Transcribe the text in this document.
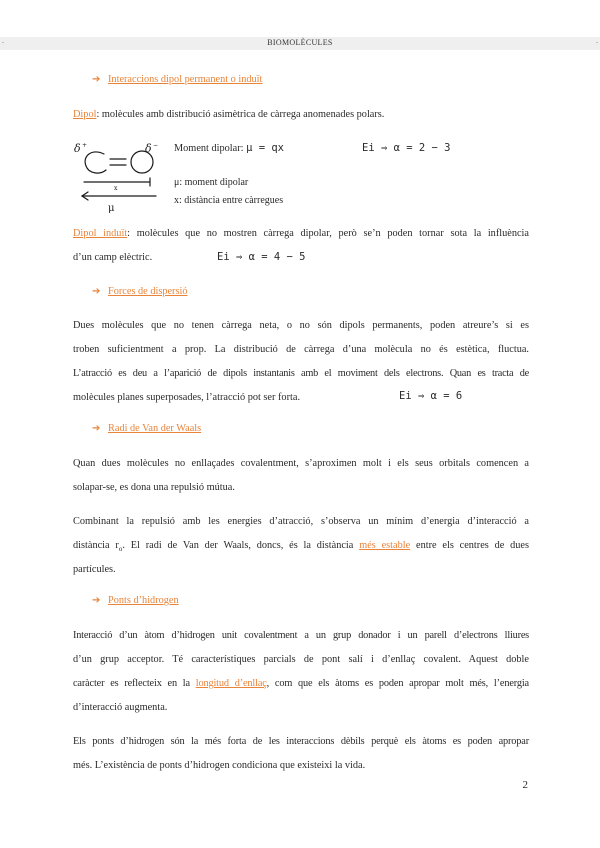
.	.
BIOMOLÈCULES
➔ Interaccions dipol permanent o induït
Dipol: molècules amb distribució asimètrica de càrrega anomenades polars.
δ +	δ −
x
μ
Moment dipolar: μ = qx	Ei ⇒ α = 2 − 3
μ: moment dipolar
x: distància entre càrregues
Dipol induït: molècules que no mostren càrrega dipolar, però se’n poden tornar sota la influència
d’un camp elèctric.	Ei ⇒ α = 4 − 5
➔ Forces de dispersió
Dues molècules que no tenen càrrega neta, o no són dipols permanents, poden atreure’s si es
troben suficientment a prop. La distribució de càrrega d’una molècula no és estètica, fluctua.
L’atracció es deu a l’aparició de dipols instantanis amb el moviment dels electrons. Quan es tracta de
molècules planes superposades, l’atracció pot ser forta.	Ei ⇒ α = 6
➔ Radi de Van der Waals
Quan dues molècules no enllaçades covalentment, s’aproximen molt i els seus orbitals comencen a
solapar-se, es dona una repulsió mútua.
Combinant la repulsió amb les energies d’atracció, s’observa un mínim d’energia d’interacció a
distància $r_o$. El radi de Van der Waals, doncs, és la distància més estable entre els centres de dues
partícules.
➔ Ponts d’hidrogen
Interacció d’un àtom d’hidrogen unit covalentment a un grup donador i un parell d’electrons lliures
d’un grup acceptor. Té característiques parcials de pont salí i d’enllaç covalent. Aquest doble
caràcter es reflecteix en la longitud d’enllaç, com que els àtoms es poden apropar molt més, l’energia
d’interacció augmenta.
Els ponts d’hidrogen són la més forta de les interaccions dèbils perquè els àtoms es poden apropar
més. L’existència de ponts d’hidrogen condiciona que existeixi la vida.
2
